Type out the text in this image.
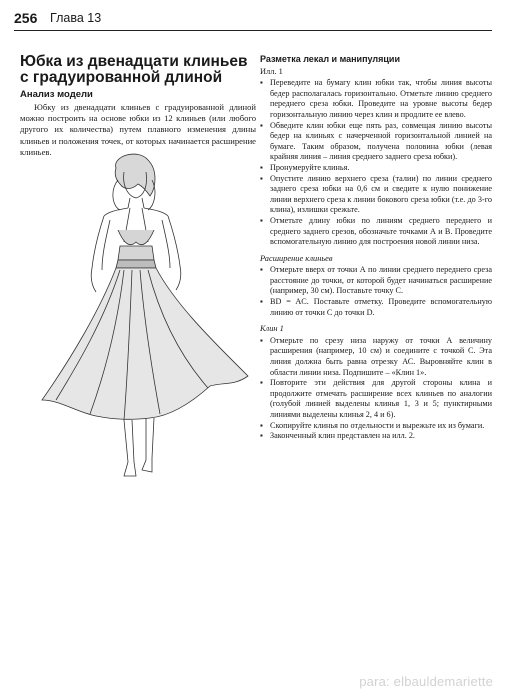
256 Глава 13
Юбка из двенадцати клиньев
с градуированной длиной
Анализ модели

Юбку из двенадцати клиньев с градуированной длиной можно построить на основе юбки из 12 клиньев (или любого другого их количества) путем плавного изменения длины клиньев и положения точек, от которых начинается расширение клиньев.

Разметка лекал и манипуляции
Илл. 1
▪ Переведите на бумагу клин юбки так, чтобы линия высоты бедер располагалась горизонтально. Отметьте линию среднего переднего среза юбки. Проведите на уровне высоты бедер горизонтальную линию через клин и продлите ее влево.
▪ Обведите клин юбки еще пять раз, совмещая линию высоты бедер на клиньях с начерченной горизонтальной линией на бумаге. Таким образом, получена половина юбки (левая крайняя линия – линия среднего заднего среза юбки).
▪ Пронумеруйте клинья.
▪ Опустите линию верхнего среза (талии) по линии среднего заднего среза юбки на 0,6 см и сведите к нулю понижение линии верхнего среза к линии бокового среза юбки (т.е. до 3-го клина), излишки срежьте.
▪ Отметьте длину юбки по линиям среднего переднего и среднего заднего срезов, обозначьте точками А и В. Проведите вспомогательную линию для построения новой линии низа.
Расширение клиньев
▪ Отмерьте вверх от точки А по линии среднего переднего среза расстояние до точки, от которой будет начинаться расширение (например, 30 см). Поставьте точку С.
▪ BD = AC. Поставьте отметку. Проведите вспомогательную линию от точки С до точки D.
Клин 1
▪ Отмерьте по срезу низа наружу от точки А величину расширения (например, 10 см) и соедините с точкой С. Эта линия должна быть равна отрезку АС. Выровняйте клин в области линии низа. Подпишите – «Клин 1».
▪ Повторите эти действия для другой стороны клина и продолжите отмечать расширение всех клиньев по аналогии (голубой линией выделены клинья 1, 3 и 5; пунктирными линиями выделены клинья 2, 4 и 6).
▪ Скопируйте клинья по отдельности и вырежьте их из бумаги.
▪ Законченный клин представлен на илл. 2.
para: elbauldemariette
